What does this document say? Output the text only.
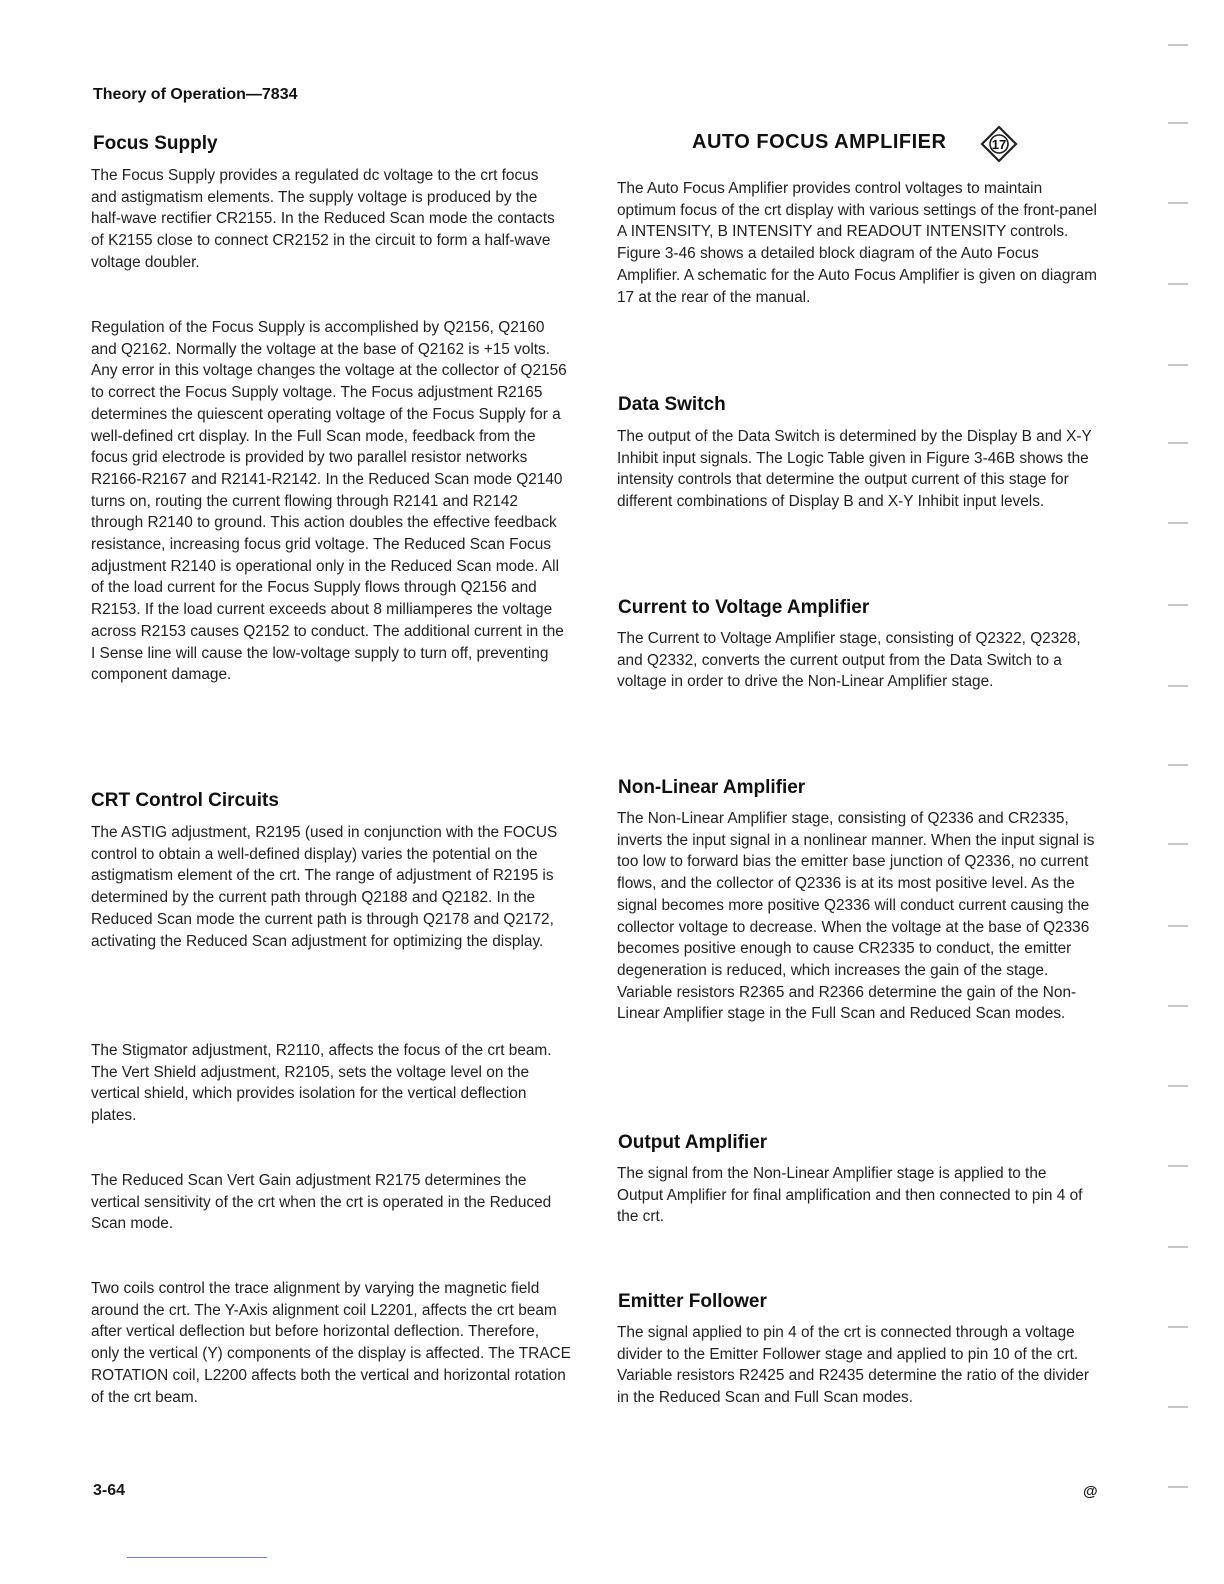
Theory of Operation—7834
Focus Supply

The Focus Supply provides a regulated dc voltage to the crt focus and astigmatism elements. The supply voltage is produced by the half-wave rectifier CR2155. In the Reduced Scan mode the contacts of K2155 close to connect CR2152 in the circuit to form a half-wave voltage doubler.

Regulation of the Focus Supply is accomplished by Q2156, Q2160 and Q2162. Normally the voltage at the base of Q2162 is +15 volts. Any error in this voltage changes the voltage at the collector of Q2156 to correct the Focus Supply voltage. The Focus adjustment R2165 determines the quiescent operating voltage of the Focus Supply for a well-defined crt display. In the Full Scan mode, feedback from the focus grid electrode is provided by two parallel resistor networks R2166-R2167 and R2141-R2142. In the Reduced Scan mode Q2140 turns on, routing the current flowing through R2141 and R2142 through R2140 to ground. This action doubles the effective feedback resistance, increasing focus grid voltage. The Reduced Scan Focus adjustment R2140 is operational only in the Reduced Scan mode. All of the load current for the Focus Supply flows through Q2156 and R2153. If the load current exceeds about 8 milliamperes the voltage across R2153 causes Q2152 to conduct. The additional current in the I Sense line will cause the low-voltage supply to turn off, preventing component damage.

CRT Control Circuits

The ASTIG adjustment, R2195 (used in conjunction with the FOCUS control to obtain a well-defined display) varies the potential on the astigmatism element of the crt. The range of adjustment of R2195 is determined by the current path through Q2188 and Q2182. In the Reduced Scan mode the current path is through Q2178 and Q2172, activating the Reduced Scan adjustment for optimizing the display.

The Stigmator adjustment, R2110, affects the focus of the crt beam. The Vert Shield adjustment, R2105, sets the voltage level on the vertical shield, which provides isolation for the vertical deflection plates.

The Reduced Scan Vert Gain adjustment R2175 determines the vertical sensitivity of the crt when the crt is operated in the Reduced Scan mode.

Two coils control the trace alignment by varying the magnetic field around the crt. The Y-Axis alignment coil L2201, affects the crt beam after vertical deflection but before horizontal deflection. Therefore, only the vertical (Y) components of the display is affected. The TRACE ROTATION coil, L2200 affects both the vertical and horizontal rotation of the crt beam.

AUTO FOCUS AMPLIFIER	17

The Auto Focus Amplifier provides control voltages to maintain optimum focus of the crt display with various settings of the front-panel A INTENSITY, B INTENSITY and READOUT INTENSITY controls. Figure 3-46 shows a detailed block diagram of the Auto Focus Amplifier. A schematic for the Auto Focus Amplifier is given on diagram 17 at the rear of the manual.

Data Switch

The output of the Data Switch is determined by the Display B and X-Y Inhibit input signals. The Logic Table given in Figure 3-46B shows the intensity controls that determine the output current of this stage for different combinations of Display B and X-Y Inhibit input levels.

Current to Voltage Amplifier

The Current to Voltage Amplifier stage, consisting of Q2322, Q2328, and Q2332, converts the current output from the Data Switch to a voltage in order to drive the Non-Linear Amplifier stage.

Non-Linear Amplifier

The Non-Linear Amplifier stage, consisting of Q2336 and CR2335, inverts the input signal in a nonlinear manner. When the input signal is too low to forward bias the emitter base junction of Q2336, no current flows, and the collector of Q2336 is at its most positive level. As the signal becomes more positive Q2336 will conduct current causing the collector voltage to decrease. When the voltage at the base of Q2336 becomes positive enough to cause CR2335 to conduct, the emitter degeneration is reduced, which increases the gain of the stage. Variable resistors R2365 and R2366 determine the gain of the Non-Linear Amplifier stage in the Full Scan and Reduced Scan modes.

Output Amplifier

The signal from the Non-Linear Amplifier stage is applied to the Output Amplifier for final amplification and then connected to pin 4 of the crt.

Emitter Follower

The signal applied to pin 4 of the crt is connected through a voltage divider to the Emitter Follower stage and applied to pin 10 of the crt. Variable resistors R2425 and R2435 determine the ratio of the divider in the Reduced Scan and Full Scan modes.

3-64	@
